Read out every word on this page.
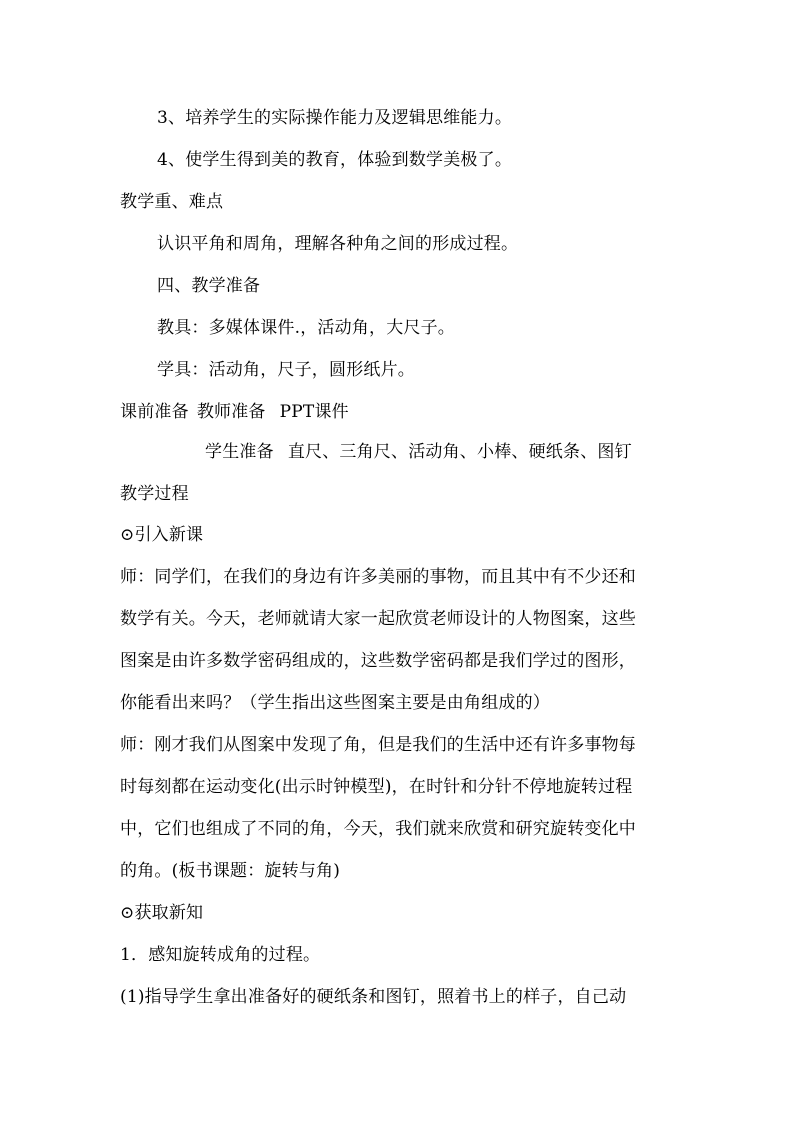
3、培养学生的实际操作能力及逻辑思维能力。
4、使学生得到美的教育，体验到数学美极了。
教学重、难点
认识平角和周角，理解各种角之间的形成过程。
四、教学准备
教具：多媒体课件.，活动角，大尺子。
学具：活动角，尺子，圆形纸片。
课前准备 教师准备 PPT课件
学生准备 直尺、三角尺、活动角、小棒、硬纸条、图钉
教学过程
⊙引入新课
师：同学们，在我们的身边有许多美丽的事物，而且其中有不少还和
数学有关。今天，老师就请大家一起欣赏老师设计的人物图案，这些
图案是由许多数学密码组成的，这些数学密码都是我们学过的图形，
你能看出来吗？（学生指出这些图案主要是由角组成的）
师：刚才我们从图案中发现了角，但是我们的生活中还有许多事物每
时每刻都在运动变化(出示时钟模型)，在时针和分针不停地旋转过程
中，它们也组成了不同的角，今天，我们就来欣赏和研究旋转变化中
的角。(板书课题：旋转与角)
⊙获取新知
1．感知旋转成角的过程。
(1)指导学生拿出准备好的硬纸条和图钉，照着书上的样子，自己动
